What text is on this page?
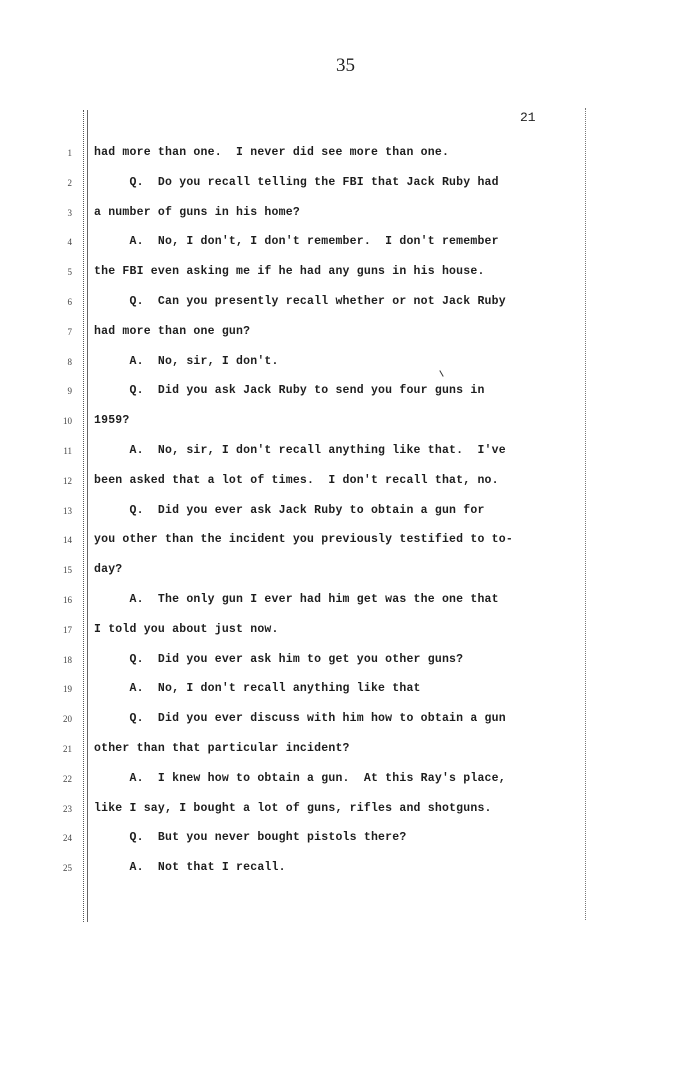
35
21
1 had more than one.  I never did see more than one.
2 Q.  Do you recall telling the FBI that Jack Ruby had
3 a number of guns in his home?
4 A.  No, I don't, I don't remember.  I don't remember
5 the FBI even asking me if he had any guns in his house.
6 Q.  Can you presently recall whether or not Jack Ruby
7 had more than one gun?
8 A.  No, sir, I don't.
9 Q.  Did you ask Jack Ruby to send you four guns in
10 1959?
11 A.  No, sir, I don't recall anything like that.  I've
12 been asked that a lot of times.  I don't recall that, no.
13 Q.  Did you ever ask Jack Ruby to obtain a gun for
14 you other than the incident you previously testified to to-
15 day?
16 A.  The only gun I ever had him get was the one that
17 I told you about just now.
18 Q.  Did you ever ask him to get you other guns?
19 A.  No, I don't recall anything like that
20 Q.  Did you ever discuss with him how to obtain a gun
21 other than that particular incident?
22 A.  I knew how to obtain a gun.  At this Ray's place,
23 like I say, I bought a lot of guns, rifles and shotguns.
24 Q.  But you never bought pistols there?
25 A.  Not that I recall.
